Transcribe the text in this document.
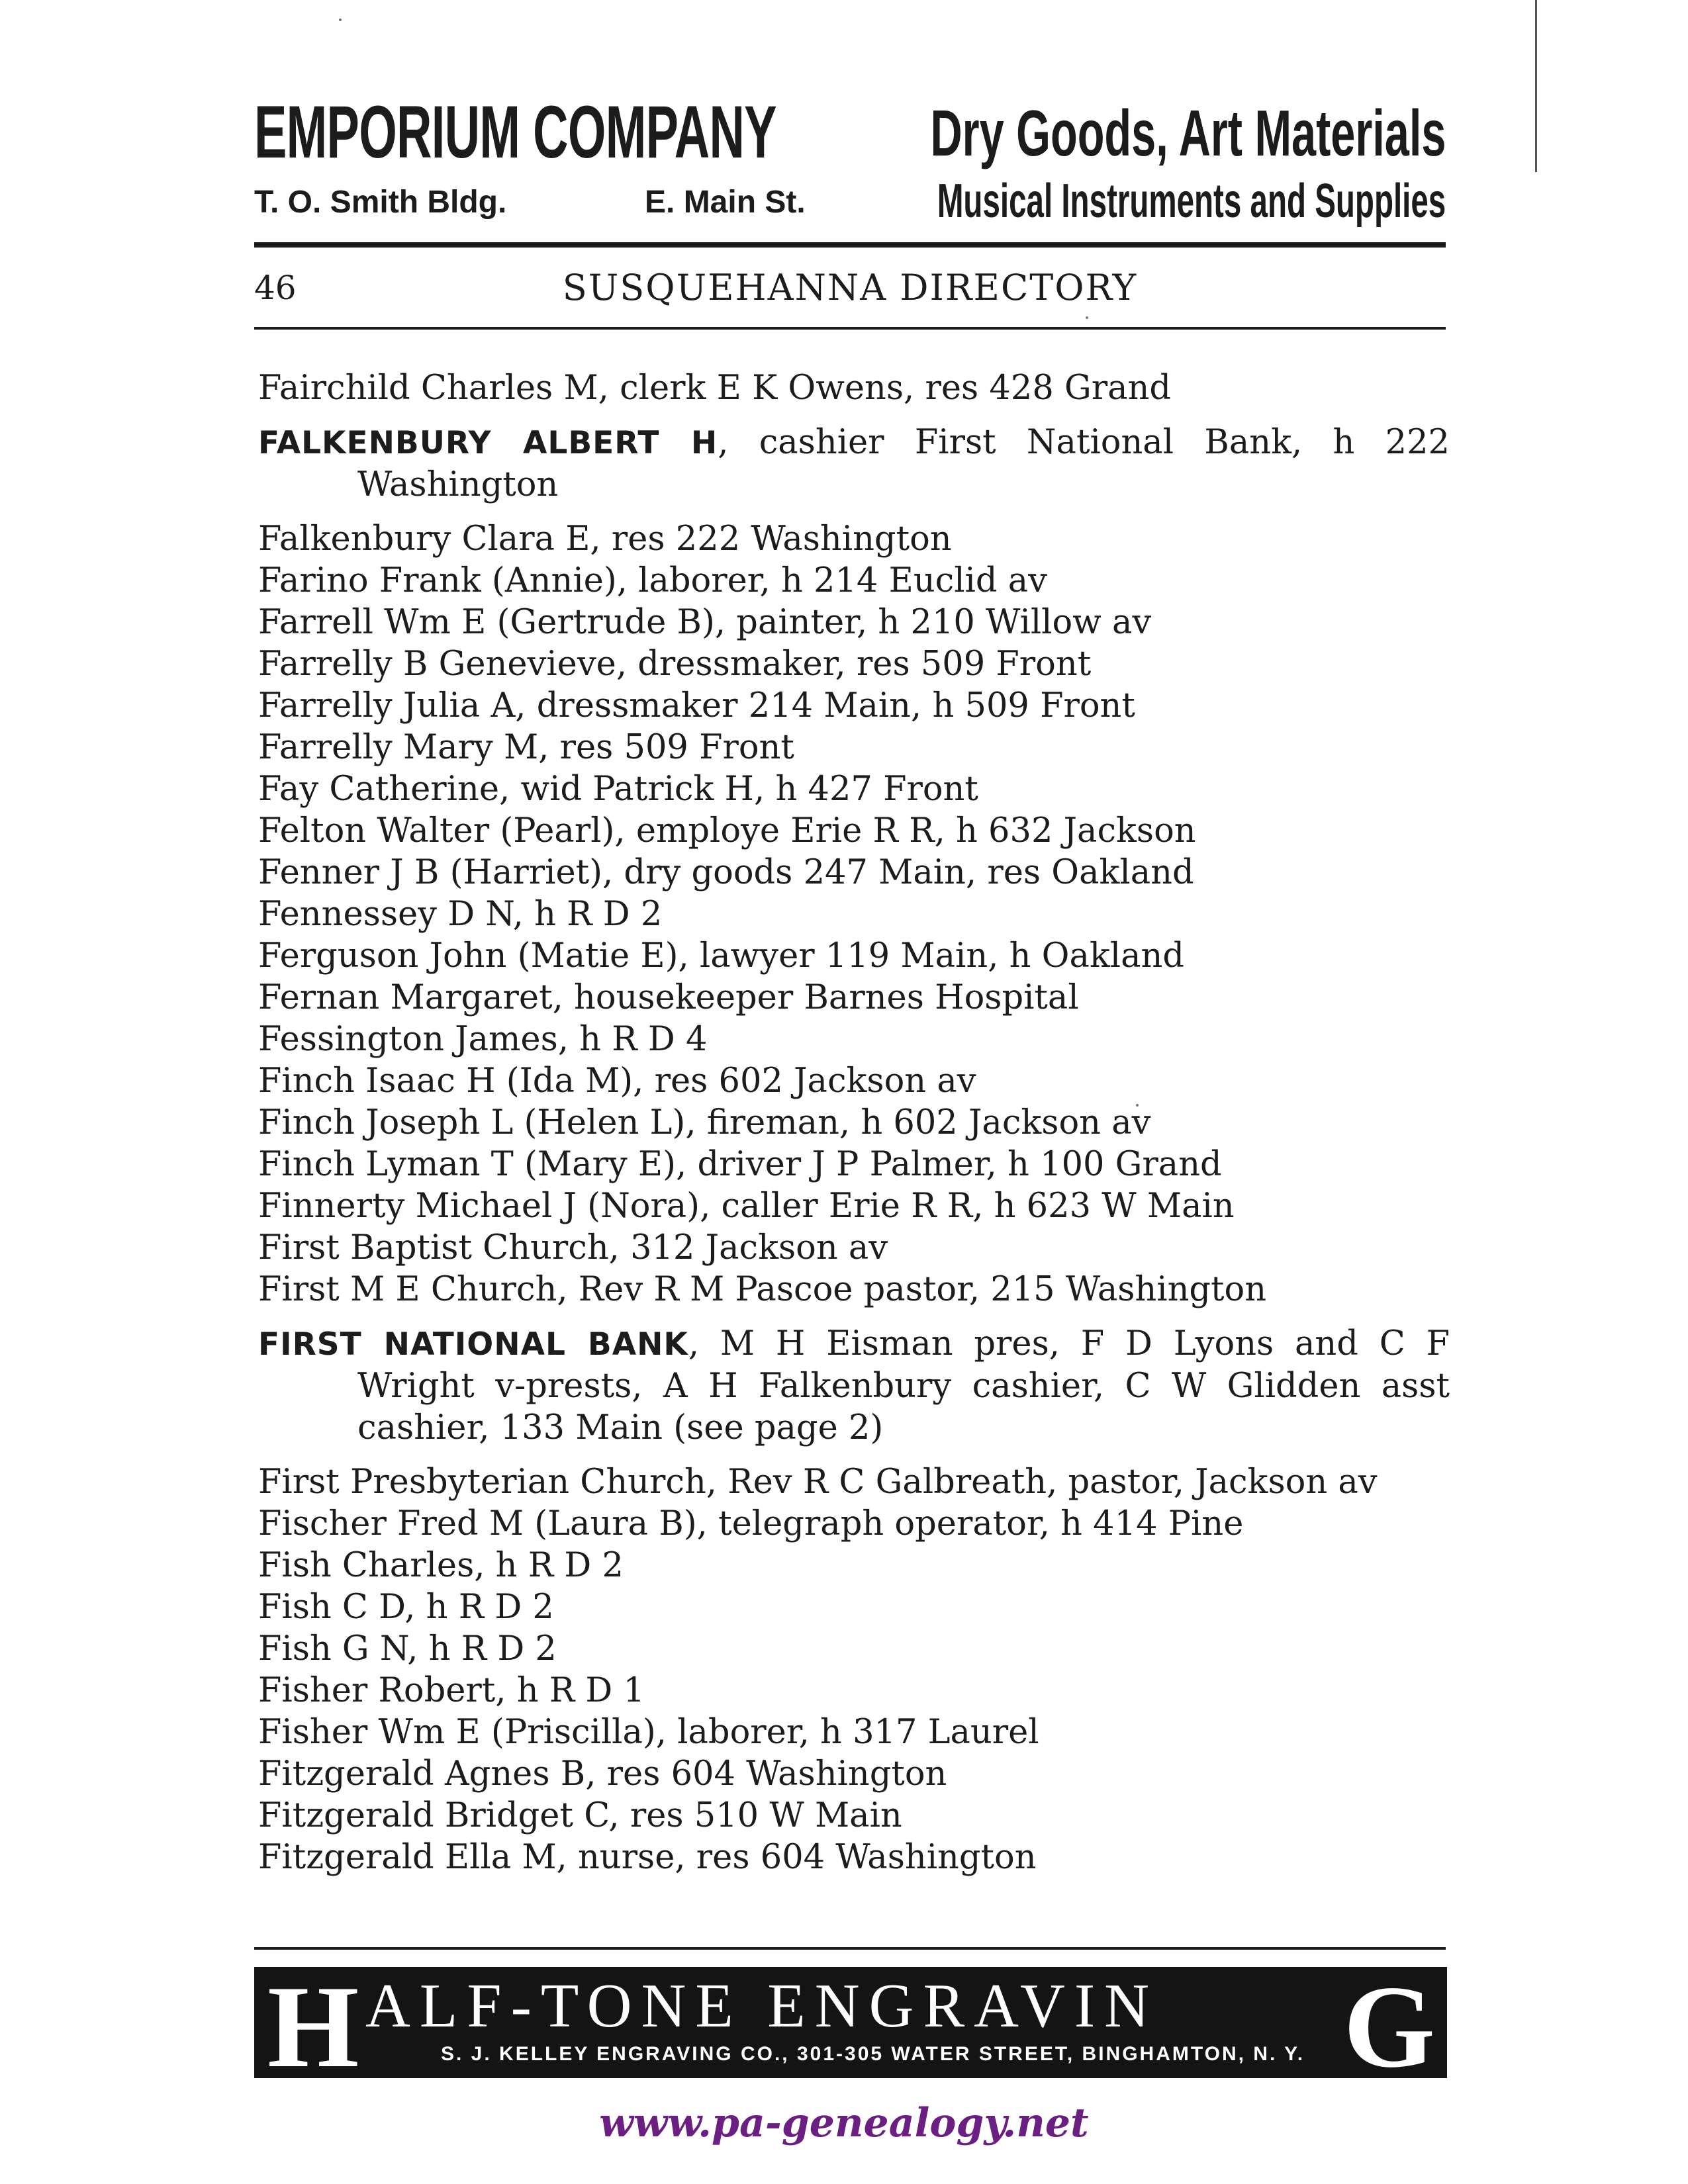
EMPORIUM COMPANY Dry Goods, Art Materials
T. O. Smith Bldg.	E. Main St.	Musical Instruments and Supplies
46	SUSQUEHANNA DIRECTORY
Fairchild Charles M, clerk E K Owens, res 428 Grand
FALKENBURY ALBERT H, cashier First National Bank, h 222 Washington
Falkenbury Clara E, res 222 Washington
Farino Frank (Annie), laborer, h 214 Euclid av
Farrell Wm E (Gertrude B), painter, h 210 Willow av
Farrelly B Genevieve, dressmaker, res 509 Front
Farrelly Julia A, dressmaker 214 Main, h 509 Front
Farrelly Mary M, res 509 Front
Fay Catherine, wid Patrick H, h 427 Front
Felton Walter (Pearl), employe Erie R R, h 632 Jackson
Fenner J B (Harriet), dry goods 247 Main, res Oakland
Fennessey D N, h R D 2
Ferguson John (Matie E), lawyer 119 Main, h Oakland
Fernan Margaret, housekeeper Barnes Hospital
Fessington James, h R D 4
Finch Isaac H (Ida M), res 602 Jackson av
Finch Joseph L (Helen L), fireman, h 602 Jackson av
Finch Lyman T (Mary E), driver J P Palmer, h 100 Grand
Finnerty Michael J (Nora), caller Erie R R, h 623 W Main
First Baptist Church, 312 Jackson av
First M E Church, Rev R M Pascoe pastor, 215 Washington
FIRST NATIONAL BANK, M H Eisman pres, F D Lyons and C F Wright v-prests, A H Falkenbury cashier, C W Glidden asst cashier, 133 Main (see page 2)
First Presbyterian Church, Rev R C Galbreath, pastor, Jackson av
Fischer Fred M (Laura B), telegraph operator, h 414 Pine
Fish Charles, h R D 2
Fish C D, h R D 2
Fish G N, h R D 2
Fisher Robert, h R D 1
Fisher Wm E (Priscilla), laborer, h 317 Laurel
Fitzgerald Agnes B, res 604 Washington
Fitzgerald Bridget C, res 510 W Main
Fitzgerald Ella M, nurse, res 604 Washington
H ALF-TONE ENGRAVIN G
S. J. KELLEY ENGRAVING CO., 301-305 WATER STREET, BINGHAMTON, N. Y.
www.pa-genealogy.net
